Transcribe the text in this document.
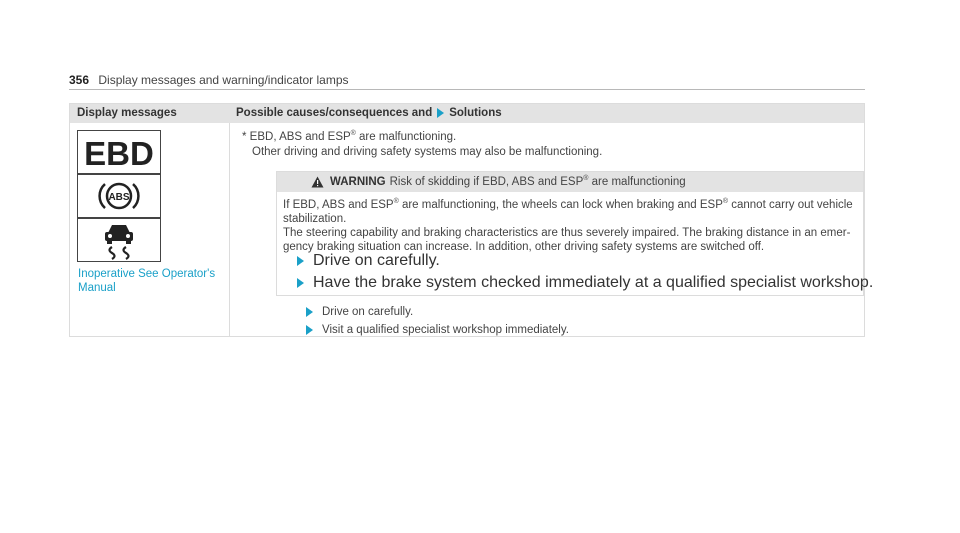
356 Display messages and warning/indicator lamps
Display messages	Possible causes/consequences and Solutions
EBD
ABS
Inoperative See Operator's Manual
* EBD, ABS and ESP® are malfunctioning.
Other driving and driving safety systems may also be malfunctioning.
WARNING Risk of skidding if EBD, ABS and ESP® are malfunctioning

If EBD, ABS and ESP® are malfunctioning, the wheels can lock when braking and ESP® cannot carry out vehicle

stabilization.

The steering capability and braking characteristics are thus severely impaired. The braking distance in an emer-

gency braking situation can increase. In addition, other driving safety systems are switched off.

Drive on carefully.
Have the brake system checked immediately at a qualified specialist workshop.
Drive on carefully.
Visit a qualified specialist workshop immediately.
